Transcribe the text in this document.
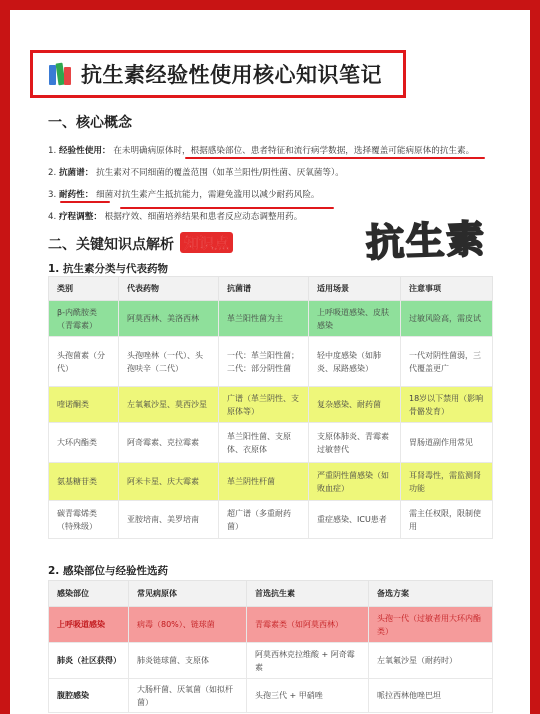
抗生素经验性使用核心知识笔记
一、核心概念
1. 经验性使用： 在未明确病原体时，根据感染部位、患者特征和流行病学数据，选择覆盖可能病原体的抗生素。
2. 抗菌谱： 抗生素对不同细菌的覆盖范围（如革兰阳性/阴性菌、厌氧菌等）。
3. 耐药性： 细菌对抗生素产生抵抗能力，需避免滥用以减少耐药风险。
4. 疗程调整： 根据疗效、细菌培养结果和患者反应动态调整用药。	抗生素
二、关键知识点解析 知识点
1. 抗生素分类与代表药物
类别	代表药物	抗菌谱	适用场景	注意事项
β-内酰胺类（青霉素）	阿莫西林、美洛西林	革兰阳性菌为主	上呼吸道感染、皮肤感染	过敏风险高，需皮试
头孢菌素（分代）	头孢唑林（一代）、头孢呋辛（二代）	一代：革兰阳性菌；二代：部分阴性菌	轻中度感染（如肺炎、尿路感染）	一代对阴性菌弱，三代覆盖更广
喹诺酮类	左氧氟沙星、莫西沙星	广谱（革兰阴性、支原体等）	复杂感染、耐药菌	18岁以下禁用（影响骨骼发育）
大环内酯类	阿奇霉素、克拉霉素	革兰阳性菌、支原体、衣原体	支原体肺炎、青霉素过敏替代	胃肠道副作用常见
氨基糖苷类	阿米卡星、庆大霉素	革兰阴性杆菌	严重阴性菌感染（如败血症）	耳肾毒性，需监测肾功能
碳青霉烯类（特殊级）	亚胺培南、美罗培南	超广谱（多重耐药菌）	重症感染、ICU患者	需主任权限，限制使用
2. 感染部位与经验性选药
感染部位	常见病原体	首选抗生素	备选方案
上呼吸道感染	病毒（80%）、链球菌	青霉素类（如阿莫西林）	头孢一代（过敏者用大环内酯类）
肺炎（社区获得）	肺炎链球菌、支原体	阿莫西林克拉维酸 + 阿奇霉素	左氧氟沙星（耐药时）
腹腔感染	大肠杆菌、厌氧菌（如拟杆菌）	头孢三代 + 甲硝唑	哌拉西林他唑巴坦
